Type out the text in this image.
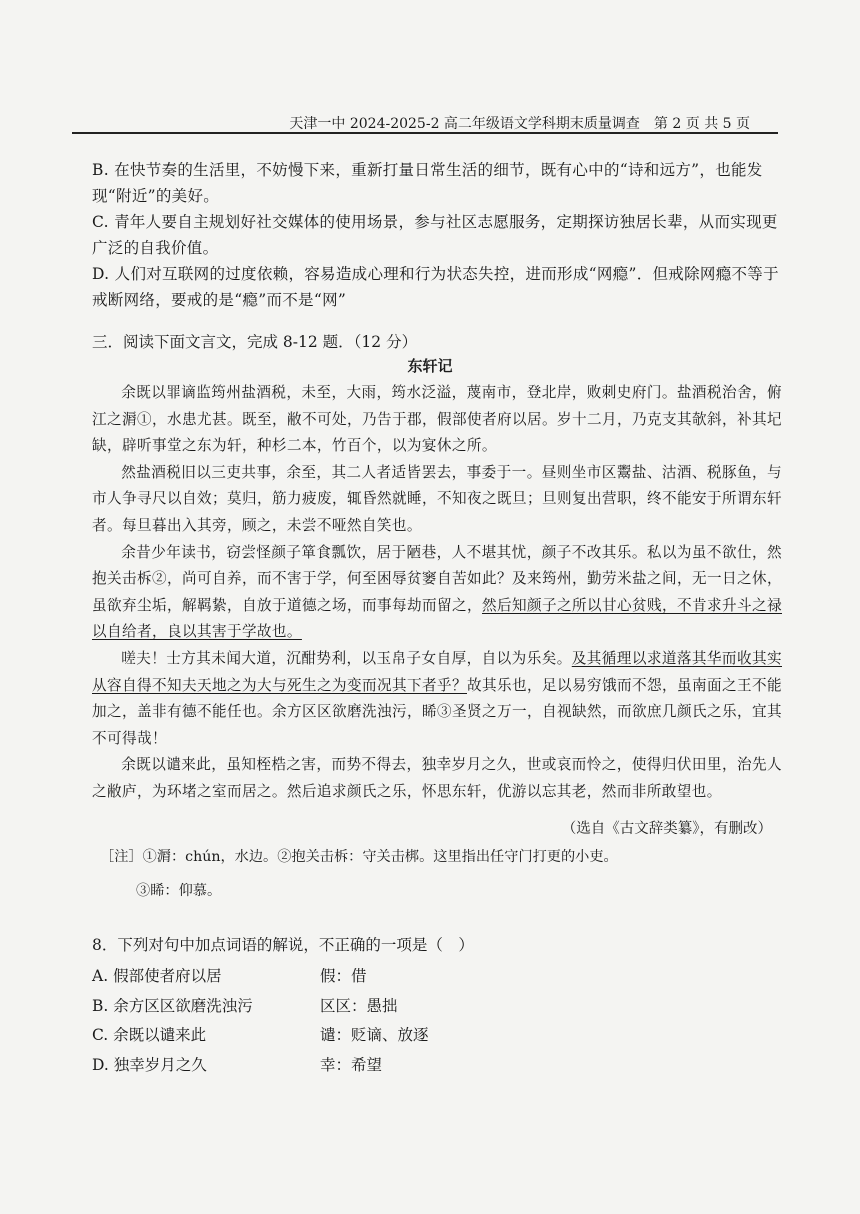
天津一中 2024-2025-2 高二年级语文学科期末质量调查　第 2 页 共 5 页
B. 在快节奏的生活里，不妨慢下来，重新打量日常生活的细节，既有心中的“诗和远方”，也能发现“附近”的美好。
C. 青年人要自主规划好社交媒体的使用场景，参与社区志愿服务，定期探访独居长辈，从而实现更广泛的自我价值。
D. 人们对互联网的过度依赖，容易造成心理和行为状态失控，进而形成“网瘾”．但戒除网瘾不等于戒断网络，要戒的是“瘾”而不是“网”
三．阅读下面文言文，完成 8-12 题．（12 分）
东轩记

余既以罪谪监筠州盐酒税，未至，大雨，筠水泛溢，蔑南市，登北岸，败刺史府门。盐酒税治舍，俯江之漘①，水患尤甚。既至，敝不可处，乃告于郡，假部使者府以居。岁十二月，乃克支其欹斜，补其圮缺，辟听事堂之东为轩，种杉二本，竹百个，以为宴休之所。

然盐酒税旧以三吏共事，余至，其二人者适皆罢去，事委于一。昼则坐市区鬻盐、沽酒、税豚鱼，与市人争寻尺以自效；莫归，筋力疲废，辄昏然就睡，不知夜之既旦；旦则复出营职，终不能安于所谓东轩者。每旦暮出入其旁，顾之，未尝不哑然自笑也。

余昔少年读书，窃尝怪颜子箪食瓢饮，居于陋巷，人不堪其忧，颜子不改其乐。私以为虽不欲仕，然抱关击柝②，尚可自养，而不害于学，何至困辱贫窭自苦如此？及来筠州，勤劳米盐之间，无一日之休，虽欲弃尘垢，解羁絷，自放于道德之场，而事每劫而留之，然后知颜子之所以甘心贫贱，不肯求升斗之禄以自给者，良以其害于学故也。

嗟夫！士方其未闻大道，沉酣势利，以玉帛子女自厚，自以为乐矣。及其循理以求道落其华而收其实从容自得不知夫天地之为大与死生之为变而况其下者乎？故其乐也，足以易穷饿而不怨，虽南面之王不能加之，盖非有德不能任也。余方区区欲磨洗浊污，睎③圣贤之万一，自视缺然，而欲庶几颜氏之乐，宜其不可得哉！

余既以谴来此，虽知桎梏之害，而势不得去，独幸岁月之久，世或哀而怜之，使得归伏田里，治先人之敝庐，为环堵之室而居之。然后追求颜氏之乐，怀思东轩，优游以忘其老，然而非所敢望也。

（选自《古文辞类纂》，有删改）
［注］①漘：chún，水边。②抱关击柝：守关击梆。这里指出任守门打更的小吏。
③睎：仰慕。
8．下列对句中加点词语的解说，不正确的一项是（　）
A. 假部使者府以居	假：借
B. 余方区区欲磨洗浊污	区区：愚拙
C. 余既以谴来此	谴：贬谪、放逐
D. 独幸岁月之久	幸：希望
